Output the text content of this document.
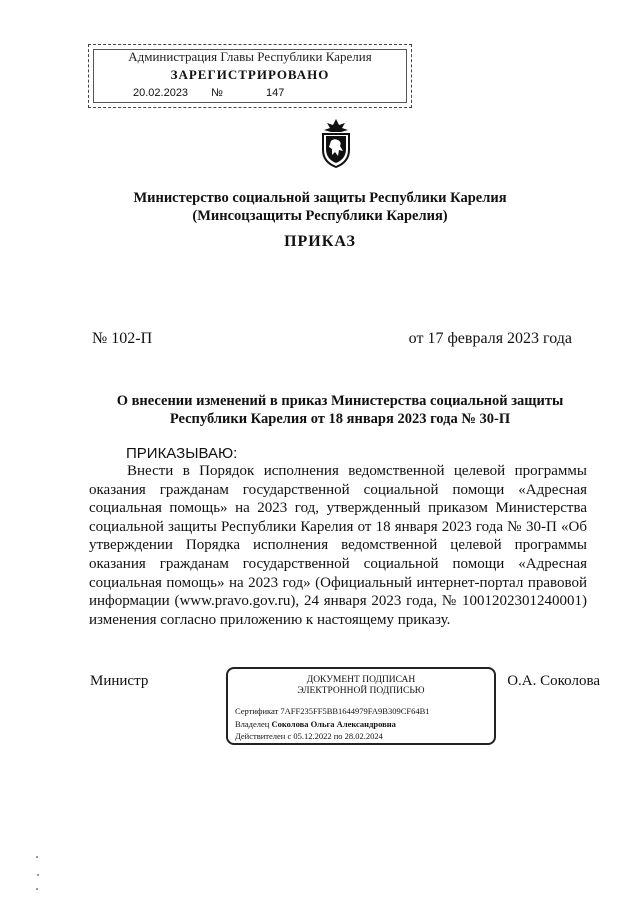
Администрация Главы Республики Карелия
ЗАРЕГИСТРИРОВАНО
20.02.2023 №	147
Министерство социальной защиты Республики Карелия
(Минсоцзащиты Республики Карелия)
ПРИКАЗ
№ 102-П	от 17 февраля 2023 года
О внесении изменений в приказ Министерства социальной защиты
Республики Карелия от 18 января 2023 года № 30-П
ПРИКАЗЫВАЮ:
Внести в Порядок исполнения ведомственной целевой программы оказания гражданам государственной социальной помощи «Адресная социальная помощь» на 2023 год, утвержденный приказом Министерства социальной защиты Республики Карелия от 18 января 2023 года № 30-П «Об утверждении Порядка исполнения ведомственной целевой программы оказания гражданам государственной социальной помощи «Адресная социальная помощь» на 2023 год» (Официальный интернет-портал правовой информации (www.pravo.gov.ru), 24 января 2023 года, № 1001202301240001) изменения согласно приложению к настоящему приказу.
Министр	О.А. Соколова
ДОКУМЕНТ ПОДПИСАН
ЭЛЕКТРОННОЙ ПОДПИСЬЮ
Сертификат 7AFF235FF5BB1644979FA9B309CF64B1
Владелец Соколова Ольга Александровна
Действителен с 05.12.2022 по 28.02.2024
